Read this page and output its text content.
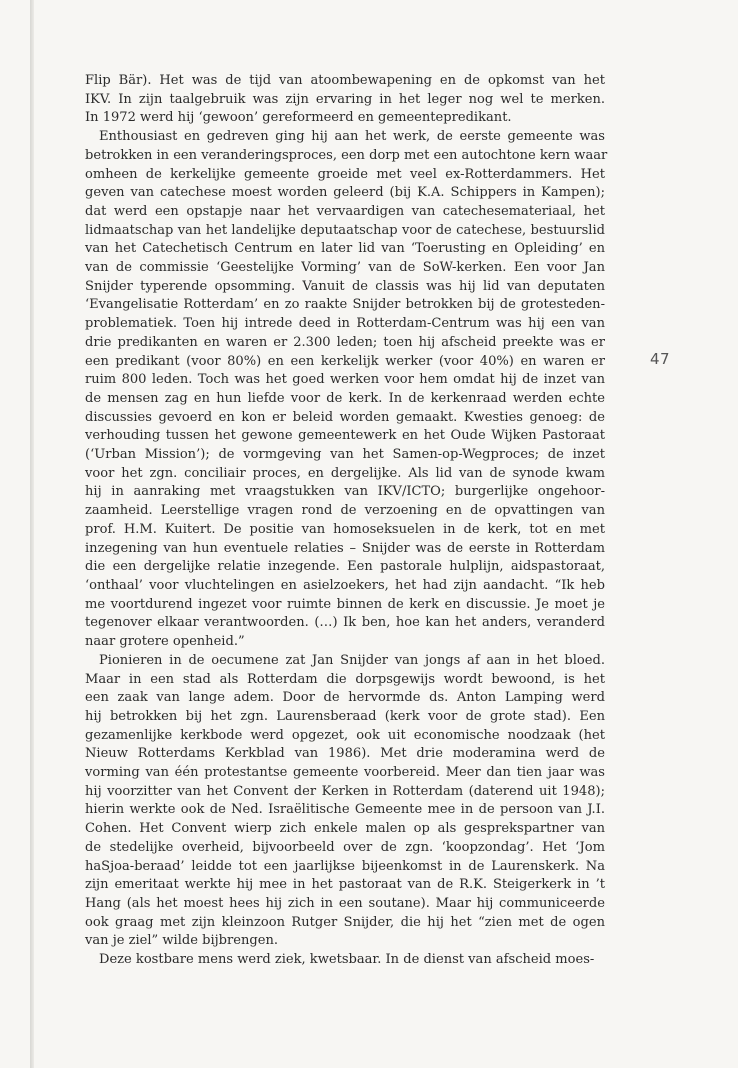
47
Flip Bär). Het was de tijd van atoombewapening en de opkomst van het
IKV. In zijn taalgebruik was zijn ervaring in het leger nog wel te merken.
In 1972 werd hij ‘gewoon’ gereformeerd en gemeentepredikant.
Enthousiast en gedreven ging hij aan het werk, de eerste gemeente was
betrokken in een veranderingsproces, een dorp met een autochtone kern waar
omheen de kerkelijke gemeente groeide met veel ex-Rotterdammers. Het
geven van catechese moest worden geleerd (bij K.A. Schippers in Kampen);
dat werd een opstapje naar het vervaardigen van catechesemateriaal, het
lidmaatschap van het landelijke deputaatschap voor de catechese, bestuurslid
van het Catechetisch Centrum en later lid van ‘Toerusting en Opleiding’ en
van de commissie ‘Geestelijke Vorming’ van de SoW-kerken. Een voor Jan
Snijder typerende opsomming. Vanuit de classis was hij lid van deputaten
‘Evangelisatie Rotterdam’ en zo raakte Snijder betrokken bij de grotesteden-
problematiek. Toen hij intrede deed in Rotterdam-Centrum was hij een van
drie predikanten en waren er 2.300 leden; toen hij afscheid preekte was er
een predikant (voor 80%) en een kerkelijk werker (voor 40%) en waren er
ruim 800 leden. Toch was het goed werken voor hem omdat hij de inzet van
de mensen zag en hun liefde voor de kerk. In de kerkenraad werden echte
discussies gevoerd en kon er beleid worden gemaakt. Kwesties genoeg: de
verhouding tussen het gewone gemeentewerk en het Oude Wijken Pastoraat
(‘Urban Mission’); de vormgeving van het Samen-op-Wegproces; de inzet
voor het zgn. conciliair proces, en dergelijke. Als lid van de synode kwam
hij in aanraking met vraagstukken van IKV/ICTO; burgerlijke ongehoor-
zaamheid. Leerstellige vragen rond de verzoening en de opvattingen van
prof. H.M. Kuitert. De positie van homoseksuelen in de kerk, tot en met
inzegening van hun eventuele relaties – Snijder was de eerste in Rotterdam
die een dergelijke relatie inzegende. Een pastorale hulplijn, aidspastoraat,
‘onthaal’ voor vluchtelingen en asielzoekers, het had zijn aandacht. “Ik heb
me voortdurend ingezet voor ruimte binnen de kerk en discussie. Je moet je
tegenover elkaar verantwoorden. (…) Ik ben, hoe kan het anders, veranderd
naar grotere openheid.”
Pionieren in de oecumene zat Jan Snijder van jongs af aan in het bloed.
Maar in een stad als Rotterdam die dorpsgewijs wordt bewoond, is het
een zaak van lange adem. Door de hervormde ds. Anton Lamping werd
hij betrokken bij het zgn. Laurensberaad (kerk voor de grote stad). Een
gezamenlijke kerkbode werd opgezet, ook uit economische noodzaak (het
Nieuw Rotterdams Kerkblad van 1986). Met drie moderamina werd de
vorming van één protestantse gemeente voorbereid. Meer dan tien jaar was
hij voorzitter van het Convent der Kerken in Rotterdam (daterend uit 1948);
hierin werkte ook de Ned. Israëlitische Gemeente mee in de persoon van J.I.
Cohen. Het Convent wierp zich enkele malen op als gesprekspartner van
de stedelijke overheid, bijvoorbeeld over de zgn. ‘koopzondag’. Het ‘Jom
haSjoa-beraad’ leidde tot een jaarlijkse bijeenkomst in de Laurenskerk. Na
zijn emeritaat werkte hij mee in het pastoraat van de R.K. Steigerkerk in ’t
Hang (als het moest hees hij zich in een soutane). Maar hij communiceerde
ook graag met zijn kleinzoon Rutger Snijder, die hij het “zien met de ogen
van je ziel” wilde bijbrengen.
Deze kostbare mens werd ziek, kwetsbaar. In de dienst van afscheid moes-
